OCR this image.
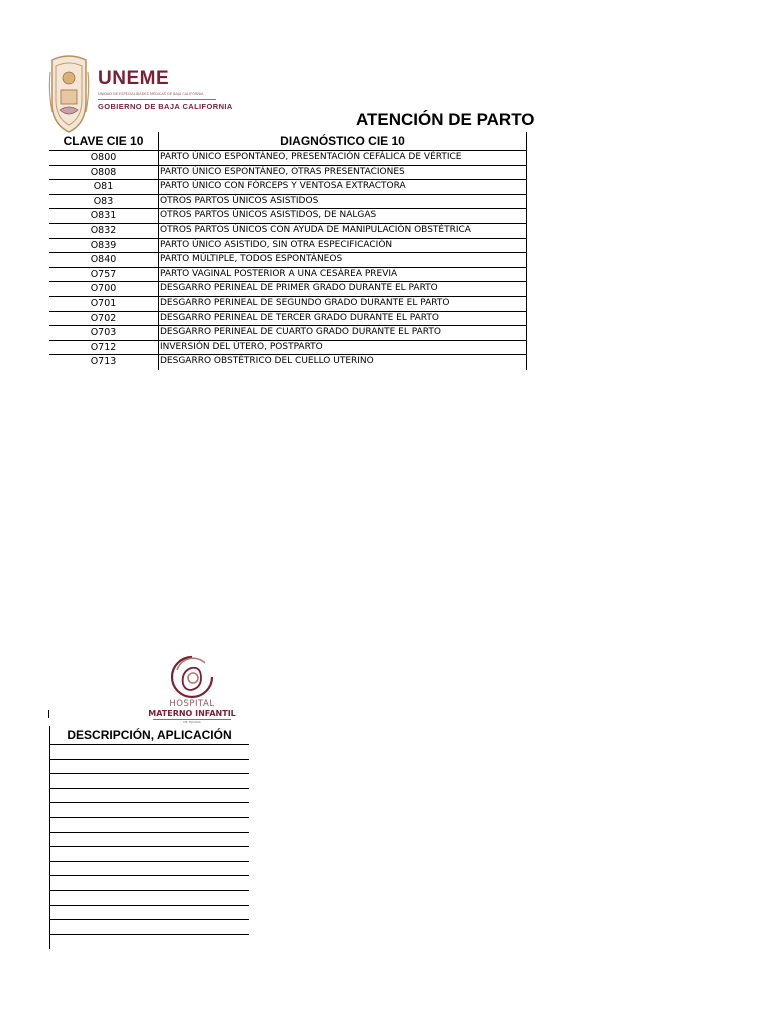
UNEME
UNIDAD DE ESPECIALIDADES MÉDICAS DE BAJA CALIFORNIA
GOBIERNO DE BAJA CALIFORNIA
ATENCIÓN DE PARTO
CLAVE CIE 10	DIAGNÓSTICO CIE 10
O800	PARTO ÚNICO ESPONTÁNEO, PRESENTACIÓN CEFÁLICA DE VÉRTICE
O808	PARTO ÚNICO ESPONTÁNEO, OTRAS PRESENTACIONES
O81	PARTO ÚNICO CON FÓRCEPS Y VENTOSA EXTRACTORA
O83	OTROS PARTOS ÚNICOS ASISTIDOS
O831	OTROS PARTOS ÚNICOS ASISTIDOS, DE NALGAS
O832	OTROS PARTOS ÚNICOS CON AYUDA DE MANIPULACIÓN OBSTÉTRICA
O839	PARTO ÚNICO ASISTIDO, SIN OTRA ESPECIFICACIÓN
O840	PARTO MÚLTIPLE, TODOS ESPONTÁNEOS
O757	PARTO VAGINAL POSTERIOR A UNA CESÁREA PREVIA
O700	DESGARRO PERINEAL DE PRIMER GRADO DURANTE EL PARTO
O701	DESGARRO PERINEAL DE SEGUNDO GRADO DURANTE EL PARTO
O702	DESGARRO PERINEAL DE TERCER GRADO DURANTE EL PARTO
O703	DESGARRO PERINEAL DE CUARTO GRADO DURANTE EL PARTO
O712	INVERSIÓN DEL ÚTERO, POSTPARTO
O713	DESGARRO OBSTÉTRICO DEL CUELLO UTERINO
HOSPITAL
MATERNO INFANTIL
DE TIJUANA
DESCRIPCIÓN, APLICACIÓN
